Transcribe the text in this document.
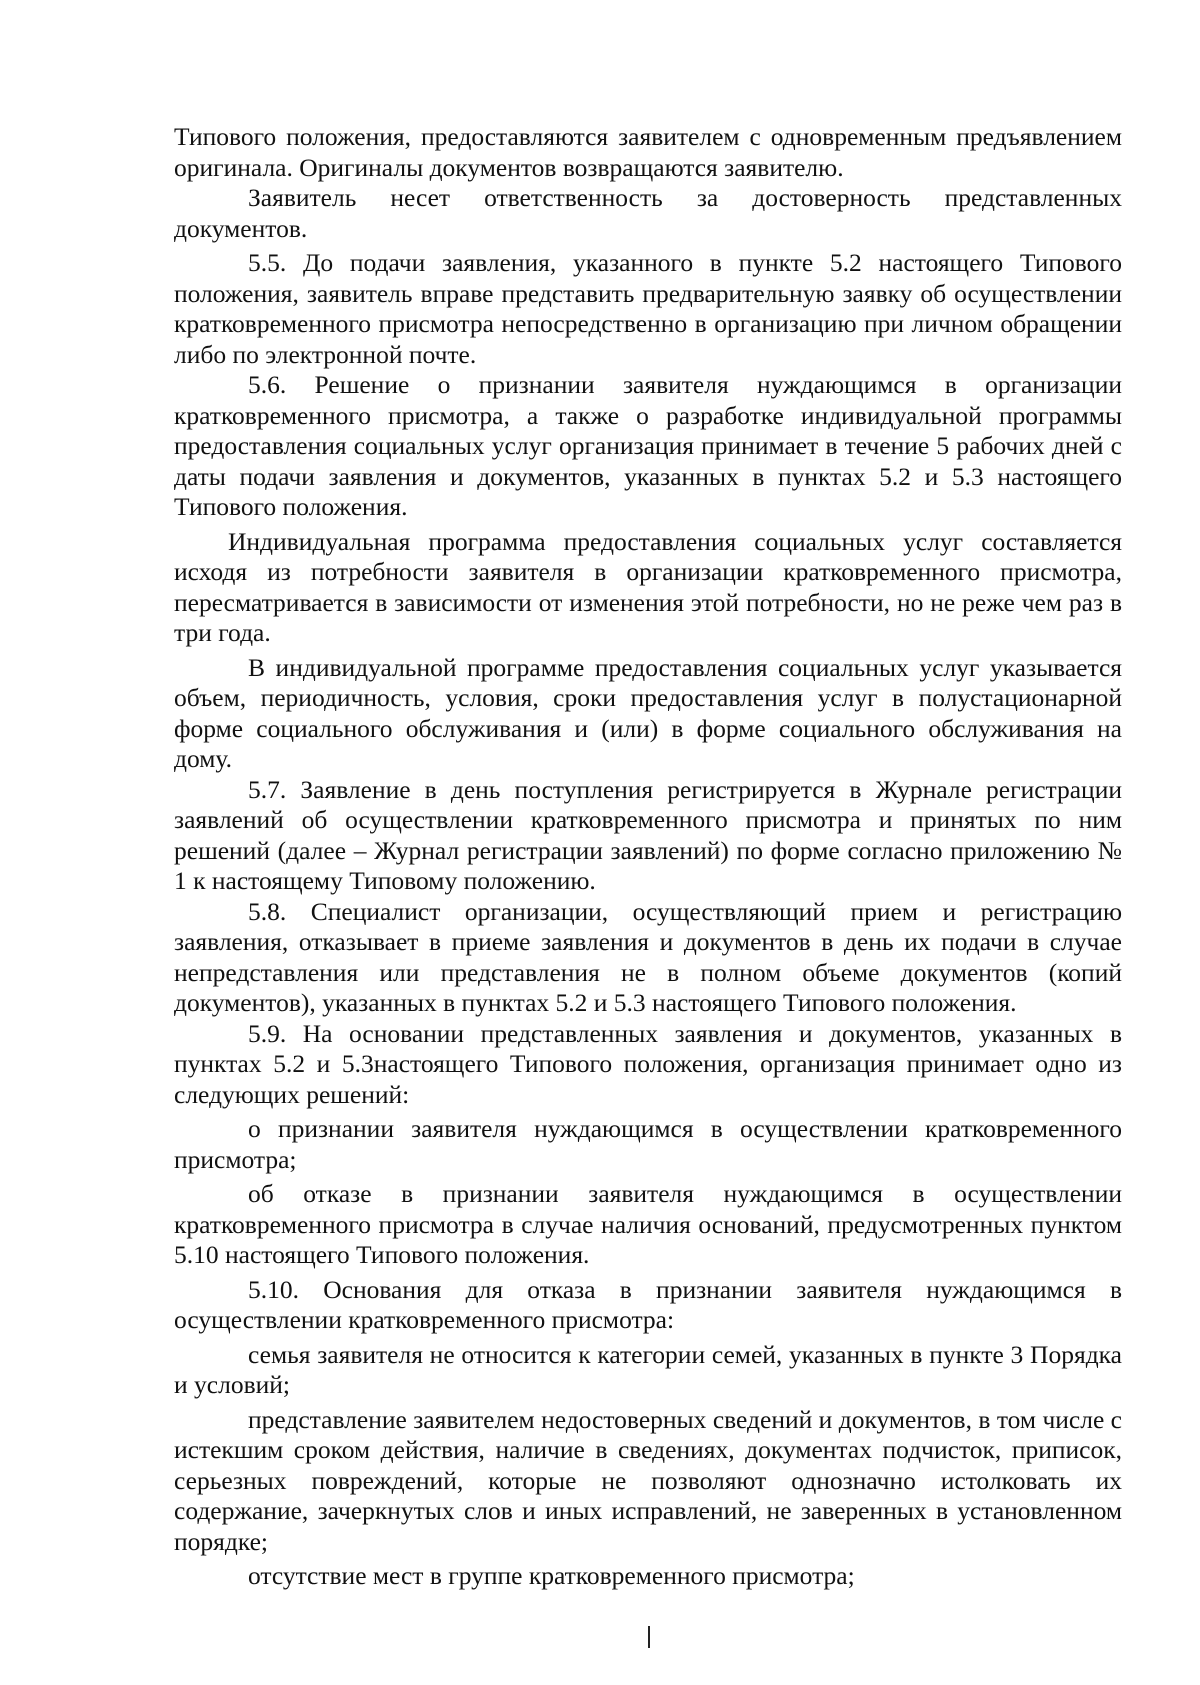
Типового положения, предоставляются заявителем с одновременным предъявлением оригинала. Оригиналы документов возвращаются заявителю.

Заявитель несет ответственность за достоверность представленных документов.

5.5. До подачи заявления, указанного в пункте 5.2 настоящего Типового положения, заявитель вправе представить предварительную заявку об осуществлении кратковременного присмотра непосредственно в организацию при личном обращении либо по электронной почте.

5.6. Решение о признании заявителя нуждающимся в организации кратковременного присмотра, а также о разработке индивидуальной программы предоставления социальных услуг организация принимает в течение 5 рабочих дней с даты подачи заявления и документов, указанных в пунктах 5.2 и 5.3 настоящего Типового положения.

Индивидуальная программа предоставления социальных услуг составляется исходя из потребности заявителя в организации кратковременного присмотра, пересматривается в зависимости от изменения этой потребности, но не реже чем раз в три года.

В индивидуальной программе предоставления социальных услуг указывается объем, периодичность, условия, сроки предоставления услуг в полустационарной форме социального обслуживания и (или) в форме социального обслуживания на дому.

5.7. Заявление в день поступления регистрируется в Журнале регистрации заявлений об осуществлении кратковременного присмотра и принятых по ним решений (далее – Журнал регистрации заявлений) по форме согласно приложению № 1 к настоящему Типовому положению.

5.8. Специалист организации, осуществляющий прием и регистрацию заявления, отказывает в приеме заявления и документов в день их подачи в случае непредставления или представления не в полном объеме документов (копий документов), указанных в пунктах 5.2 и 5.3 настоящего Типового положения.

5.9. На основании представленных заявления и документов, указанных в пунктах 5.2 и 5.3настоящего Типового положения, организация принимает одно из следующих решений:

о признании заявителя нуждающимся в осуществлении кратковременного присмотра;

об отказе в признании заявителя нуждающимся в осуществлении кратковременного присмотра в случае наличия оснований, предусмотренных пунктом 5.10 настоящего Типового положения.

5.10. Основания для отказа в признании заявителя нуждающимся в осуществлении кратковременного присмотра:

семья заявителя не относится к категории семей, указанных в пункте 3 Порядка и условий;

представление заявителем недостоверных сведений и документов, в том числе с истекшим сроком действия, наличие в сведениях, документах подчисток, приписок, серьезных повреждений, которые не позволяют однозначно истолковать их содержание, зачеркнутых слов и иных исправлений, не заверенных в установленном порядке;

отсутствие мест в группе кратковременного присмотра;
